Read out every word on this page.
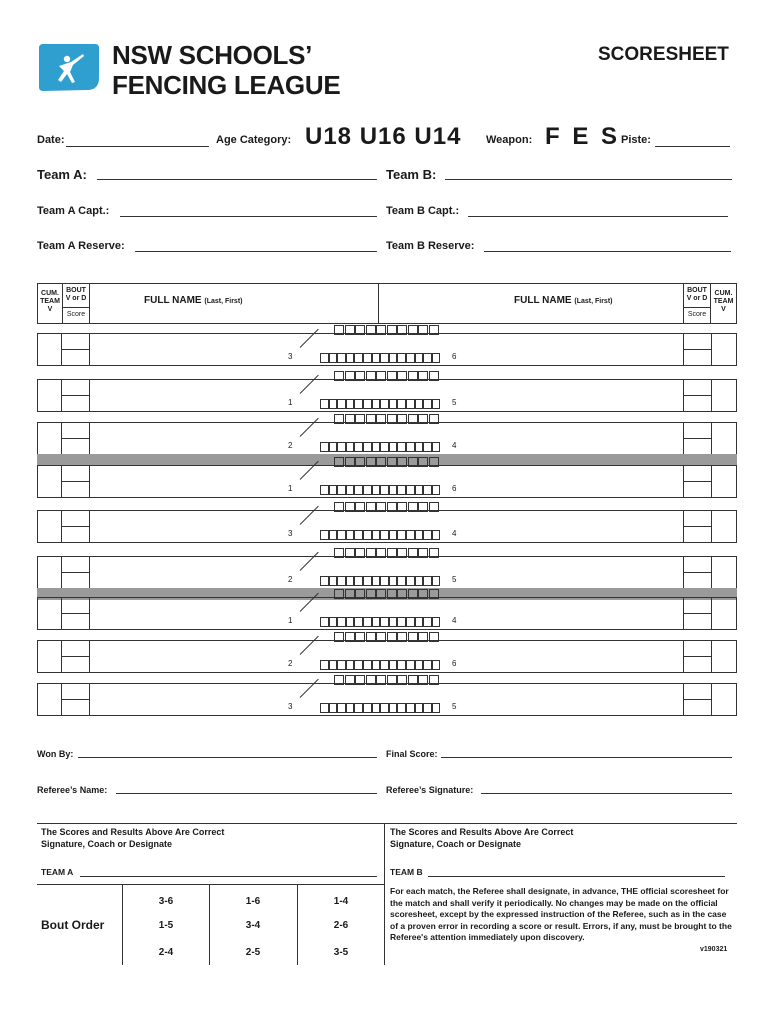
NSW SCHOOLS’
FENCING LEAGUE
SCORESHEET
Date:	Age Category: U18 U16 U14 Weapon: F E S Piste:
Team A:	Team B:
Team A Capt.:	Team B Capt.:
Team A Reserve:	Team B Reserve:
CUM. TEAM V
BOUT
V or D
Score
FULL NAME (Last, First)	FULL NAME (Last, First)
BOUT
V or D
Score
CUM. TEAM V
3	6
1	5
2	4
1	6
3	4
2	5
1	4
2	6
3	5
Won By:	Final Score:
Referee’s Name:	Referee’s Signature:
The Scores and Results Above Are Correct
Signature, Coach or Designate
The Scores and Results Above Are Correct
Signature, Coach or Designate
TEAM A	TEAM B
Bout Order
3-6	1-6	1-4
1-5	3-4	2-6
2-4	2-5	3-5
For each match, the Referee shall designate, in advance, THE official scoresheet for the match and shall verify it periodically. No changes may be made on the official scoresheet, except by the expressed instruction of the Referee, such as in the case of a proven error in recording a score or result. Errors, if any, must be brought to the Referee's attention immediately upon discovery.
v190321
